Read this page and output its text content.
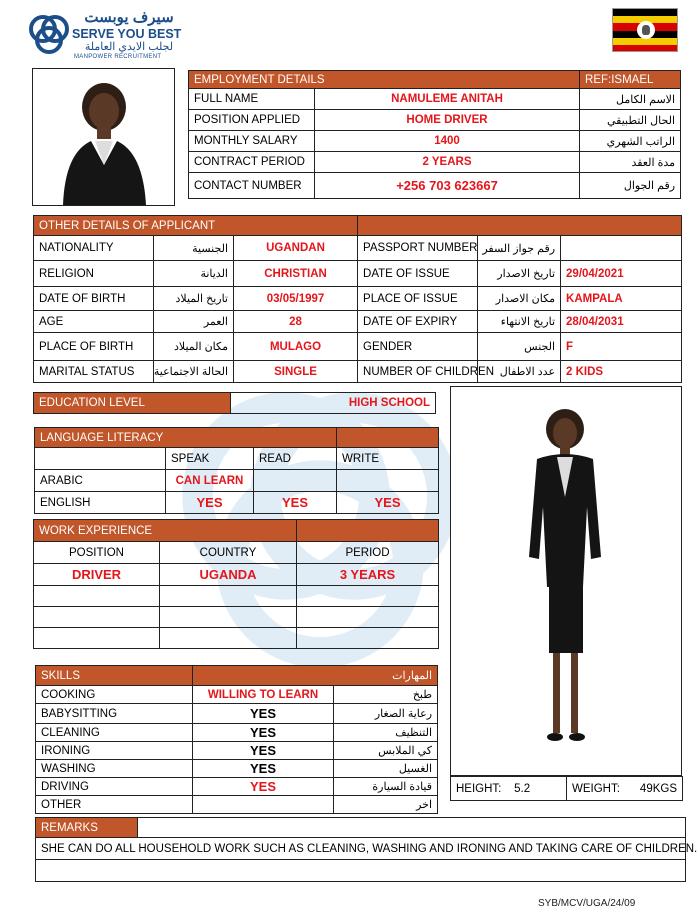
سيرف يوبست
SERVE YOU BEST
لجلب الايدي العاملة
MANPOWER RECRUITMENT
EMPLOYMENT DETAILS		REF:ISMAEL
FULL NAME	NAMULEME ANITAH	الاسم الكامل
POSITION APPLIED	HOME DRIVER	الحال التطبيقي
MONTHLY SALARY	1400	الراتب الشهري
CONTRACT PERIOD	2 YEARS	مدة العقد
CONTACT NUMBER	+256 703 623667	رقم الجوال
OTHER DETAILS OF APPLICANT					
NATIONALITY	الجنسية	UGANDAN	PASSPORT NUMBER	رقم جواز السفر	
RELIGION	الديانة	CHRISTIAN	DATE OF ISSUE	تاريخ الاصدار	29/04/2021
DATE OF BIRTH	تاريخ الميلاد	03/05/1997	PLACE OF ISSUE	مكان الاصدار	KAMPALA
AGE	العمر	28	DATE OF EXPIRY	تاريخ الانتهاء	28/04/2031
PLACE OF BIRTH	مكان الميلاد	MULAGO	GENDER	الجنس	F
MARITAL STATUS	الحالة الاجتماعية	SINGLE	NUMBER OF CHILDREN	عدد الاطفال	2 KIDS
EDUCATION LEVEL	HIGH SCHOOL
LANGUAGE LITERACY			
	SPEAK	READ	WRITE
ARABIC	CAN LEARN		
ENGLISH	YES	YES	YES
WORK EXPERIENCE		
POSITION	COUNTRY	PERIOD
DRIVER	UGANDA	3 YEARS

SKILLS	المهارات	
COOKING	WILLING TO LEARN	طبخ
BABYSITTING	YES	رعاية الصغار
CLEANING	YES	التنظيف
IRONING	YES	كي الملابس
WASHING	YES	الغسيل
DRIVING	YES	قيادة السيارة
OTHER		اخر
HEIGHT: 5.2	WEIGHT: 49KGS
REMARKS	
SHE CAN DO ALL HOUSEHOLD WORK SUCH AS CLEANING, WASHING AND IRONING AND TAKING CARE OF CHILDREN.

SYB/MCV/UGA/24/09
